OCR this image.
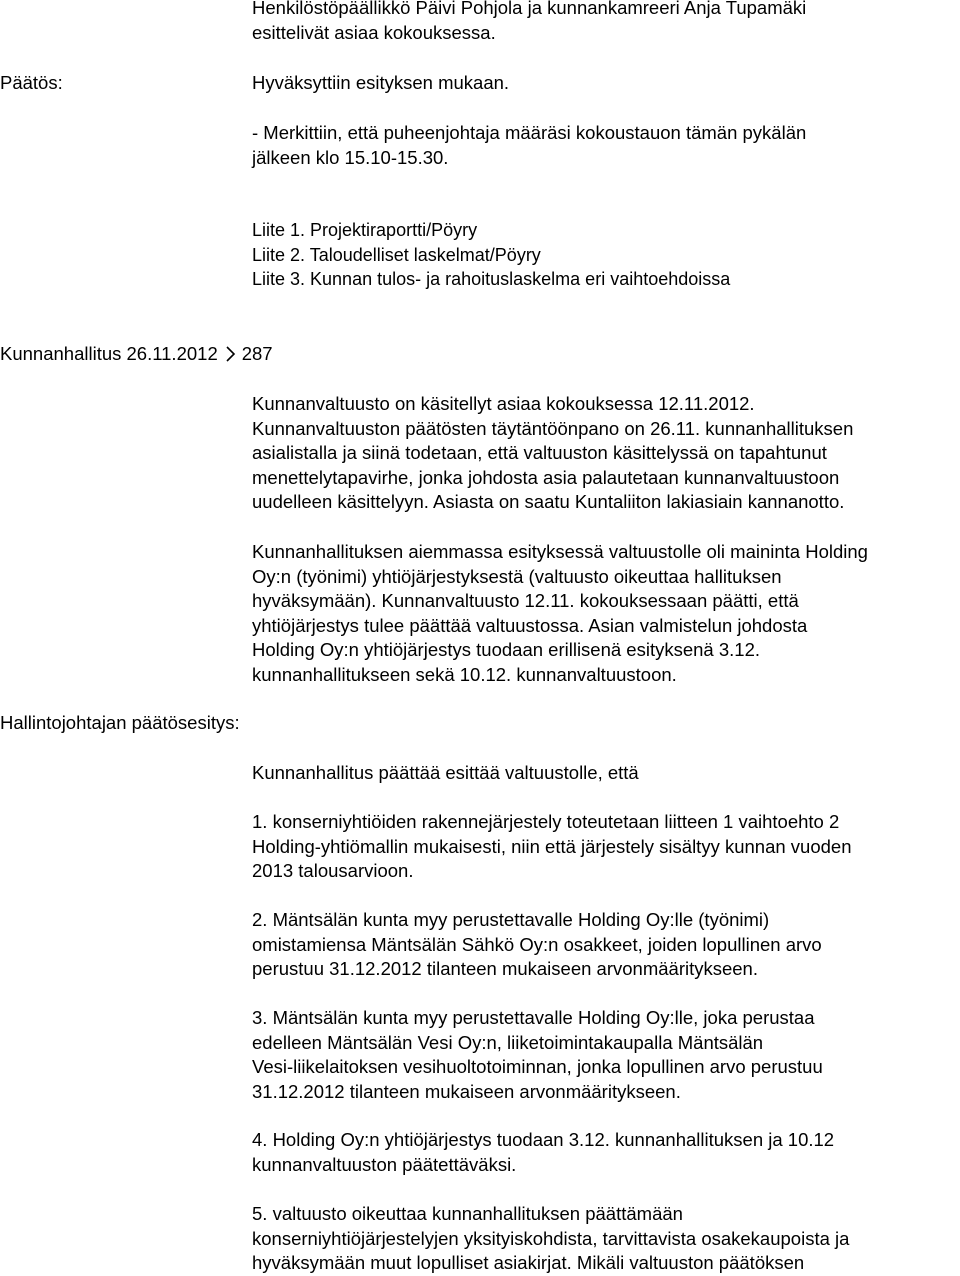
Henkilöstöpäällikkö Päivi Pohjola ja kunnankamreeri Anja Tupamäki
esittelivät asiaa kokouksessa.
Päätös:	Hyväksyttiin esityksen mukaan.
- Merkittiin, että puheenjohtaja määräsi kokoustauon tämän pykälän
jälkeen klo 15.10-15.30.
Liite 1. Projektiraportti/Pöyry
Liite 2. Taloudelliset laskelmat/Pöyry
Liite 3. Kunnan tulos- ja rahoituslaskelma eri vaihtoehdoissa
Kunnanhallitus 26.11.2012 287
Kunnanvaltuusto on käsitellyt asiaa kokouksessa 12.11.2012.
Kunnanvaltuuston päätösten täytäntöönpano on 26.11. kunnanhallituksen
asialistalla ja siinä todetaan, että valtuuston käsittelyssä on tapahtunut
menettelytapavirhe, jonka johdosta asia palautetaan kunnanvaltuustoon
uudelleen käsittelyyn. Asiasta on saatu Kuntaliiton lakiasiain kannanotto.
Kunnanhallituksen aiemmassa esityksessä valtuustolle oli maininta Holding
Oy:n (työnimi) yhtiöjärjestyksestä (valtuusto oikeuttaa hallituksen
hyväksymään). Kunnanvaltuusto 12.11. kokouksessaan päätti, että
yhtiöjärjestys tulee päättää valtuustossa. Asian valmistelun johdosta
Holding Oy:n yhtiöjärjestys tuodaan erillisenä esityksenä 3.12.
kunnanhallitukseen sekä 10.12. kunnanvaltuustoon.
Hallintojohtajan päätösesitys:
Kunnanhallitus päättää esittää valtuustolle, että
1. konserniyhtiöiden rakennejärjestely toteutetaan liitteen 1 vaihtoehto 2
Holding-yhtiömallin mukaisesti, niin että järjestely sisältyy kunnan vuoden
2013 talousarvioon.
2. Mäntsälän kunta myy perustettavalle Holding Oy:lle (työnimi)
omistamiensa Mäntsälän Sähkö Oy:n osakkeet, joiden lopullinen arvo
perustuu 31.12.2012 tilanteen mukaiseen arvonmääritykseen.
3. Mäntsälän kunta myy perustettavalle Holding Oy:lle, joka perustaa
edelleen Mäntsälän Vesi Oy:n, liiketoimintakaupalla Mäntsälän
Vesi-liikelaitoksen vesihuoltotoiminnan, jonka lopullinen arvo perustuu
31.12.2012 tilanteen mukaiseen arvonmääritykseen.
4. Holding Oy:n yhtiöjärjestys tuodaan 3.12. kunnanhallituksen ja 10.12
kunnanvaltuuston päätettäväksi.
5. valtuusto oikeuttaa kunnanhallituksen päättämään
konserniyhtiöjärjestelyjen yksityiskohdista, tarvittavista osakekaupoista ja
hyväksymään muut lopulliset asiakirjat. Mikäli valtuuston päätöksen
